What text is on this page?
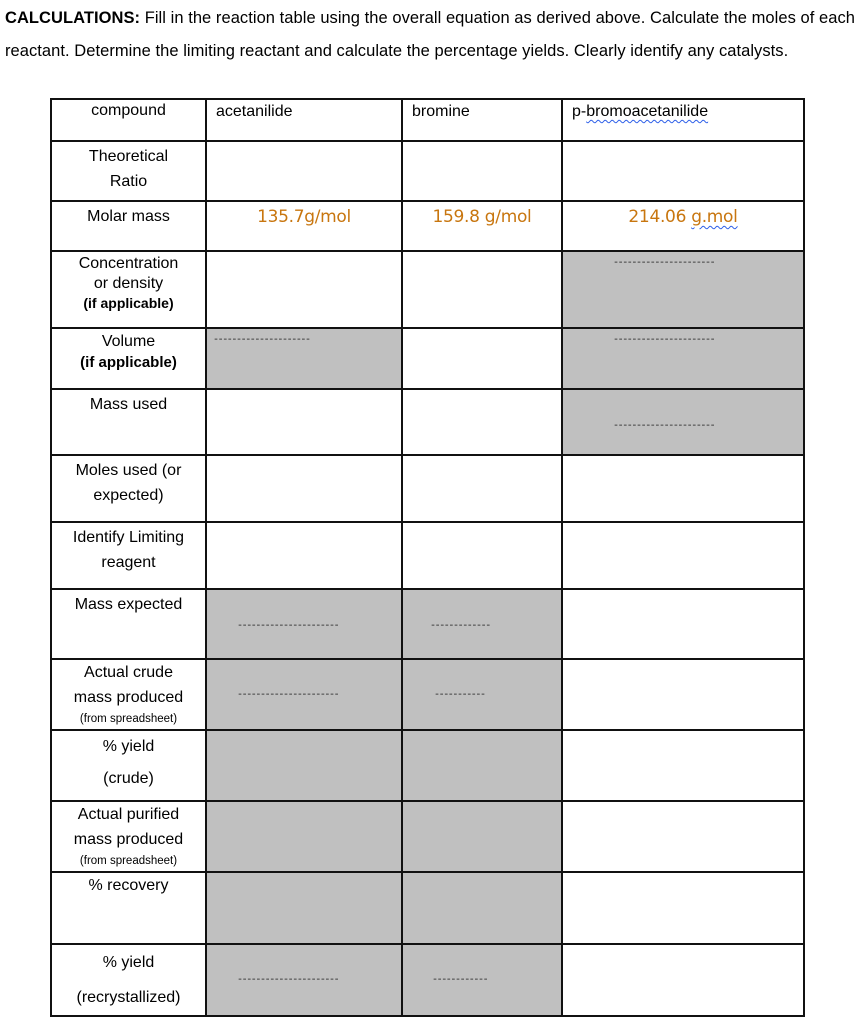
CALCULATIONS: Fill in the reaction table using the overall equation as derived above. Calculate the moles of each reactant. Determine the limiting reactant and calculate the percentage yields. Clearly identify any catalysts.
compound	acetanilide	bromine	p-bromoacetanilide

Theoretical
Ratio			

Molar mass	135.7g/mol	159.8 g/mol	214.06 g.mol

Concentration
or density
(if applicable)			----------------------

Volume
(if applicable)	---------------------		----------------------

Mass used			----------------------

Moles used (or
expected)			

Identify Limiting
reagent			

Mass expected	----------------------	-------------	

Actual crude
mass produced
(from spreadsheet)	----------------------	-----------	

% yield
(crude)			

Actual purified
mass produced
(from spreadsheet)			

% recovery			

% yield
(recrystallized)	----------------------	------------	
